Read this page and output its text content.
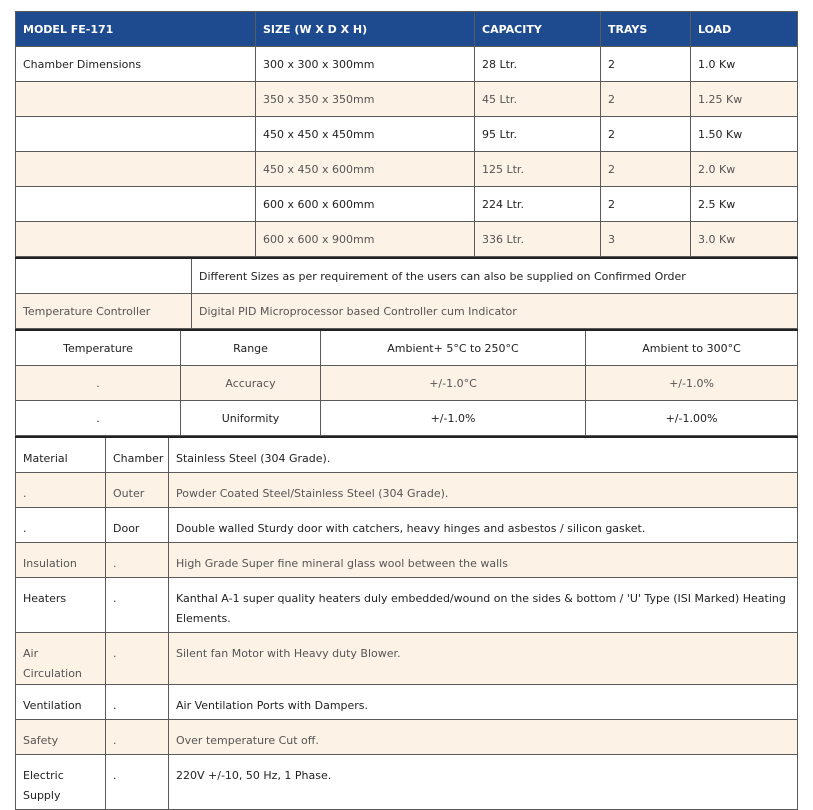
MODEL FE-171	SIZE (W X D X H)	CAPACITY	TRAYS	LOAD
Chamber Dimensions	300 x 300 x 300mm	28 Ltr.	2	1.0 Kw
	350 x 350 x 350mm	45 Ltr.	2	1.25 Kw
	450 x 450 x 450mm	95 Ltr.	2	1.50 Kw
	450 x 450 x 600mm	125 Ltr.	2	2.0 Kw
	600 x 600 x 600mm	224 Ltr.	2	2.5 Kw
	600 x 600 x 900mm	336 Ltr.	3	3.0 Kw
	Different Sizes as per requirement of the users can also be supplied on Confirmed Order
Temperature Controller	Digital PID Microprocessor based Controller cum Indicator
Temperature	Range	Ambient+ 5°C to 250°C	Ambient to 300°C
.	Accuracy	+/-1.0°C	+/-1.0%
.	Uniformity	+/-1.0%	+/-1.00%
Material	Chamber	Stainless Steel (304 Grade).
.	Outer	Powder Coated Steel/Stainless Steel (304 Grade).
.	Door	Double walled Sturdy door with catchers, heavy hinges and asbestos / silicon gasket.
Insulation	.	High Grade Super fine mineral glass wool between the walls
Heaters	.	Kanthal A-1 super quality heaters duly embedded/wound on the sides & bottom / 'U' Type (ISI Marked) Heating Elements.
Air Circulation	.	Silent fan Motor with Heavy duty Blower.
Ventilation	.	Air Ventilation Ports with Dampers.
Safety	.	Over temperature Cut off.
Electric Supply	.	220V +/-10, 50 Hz, 1 Phase.
